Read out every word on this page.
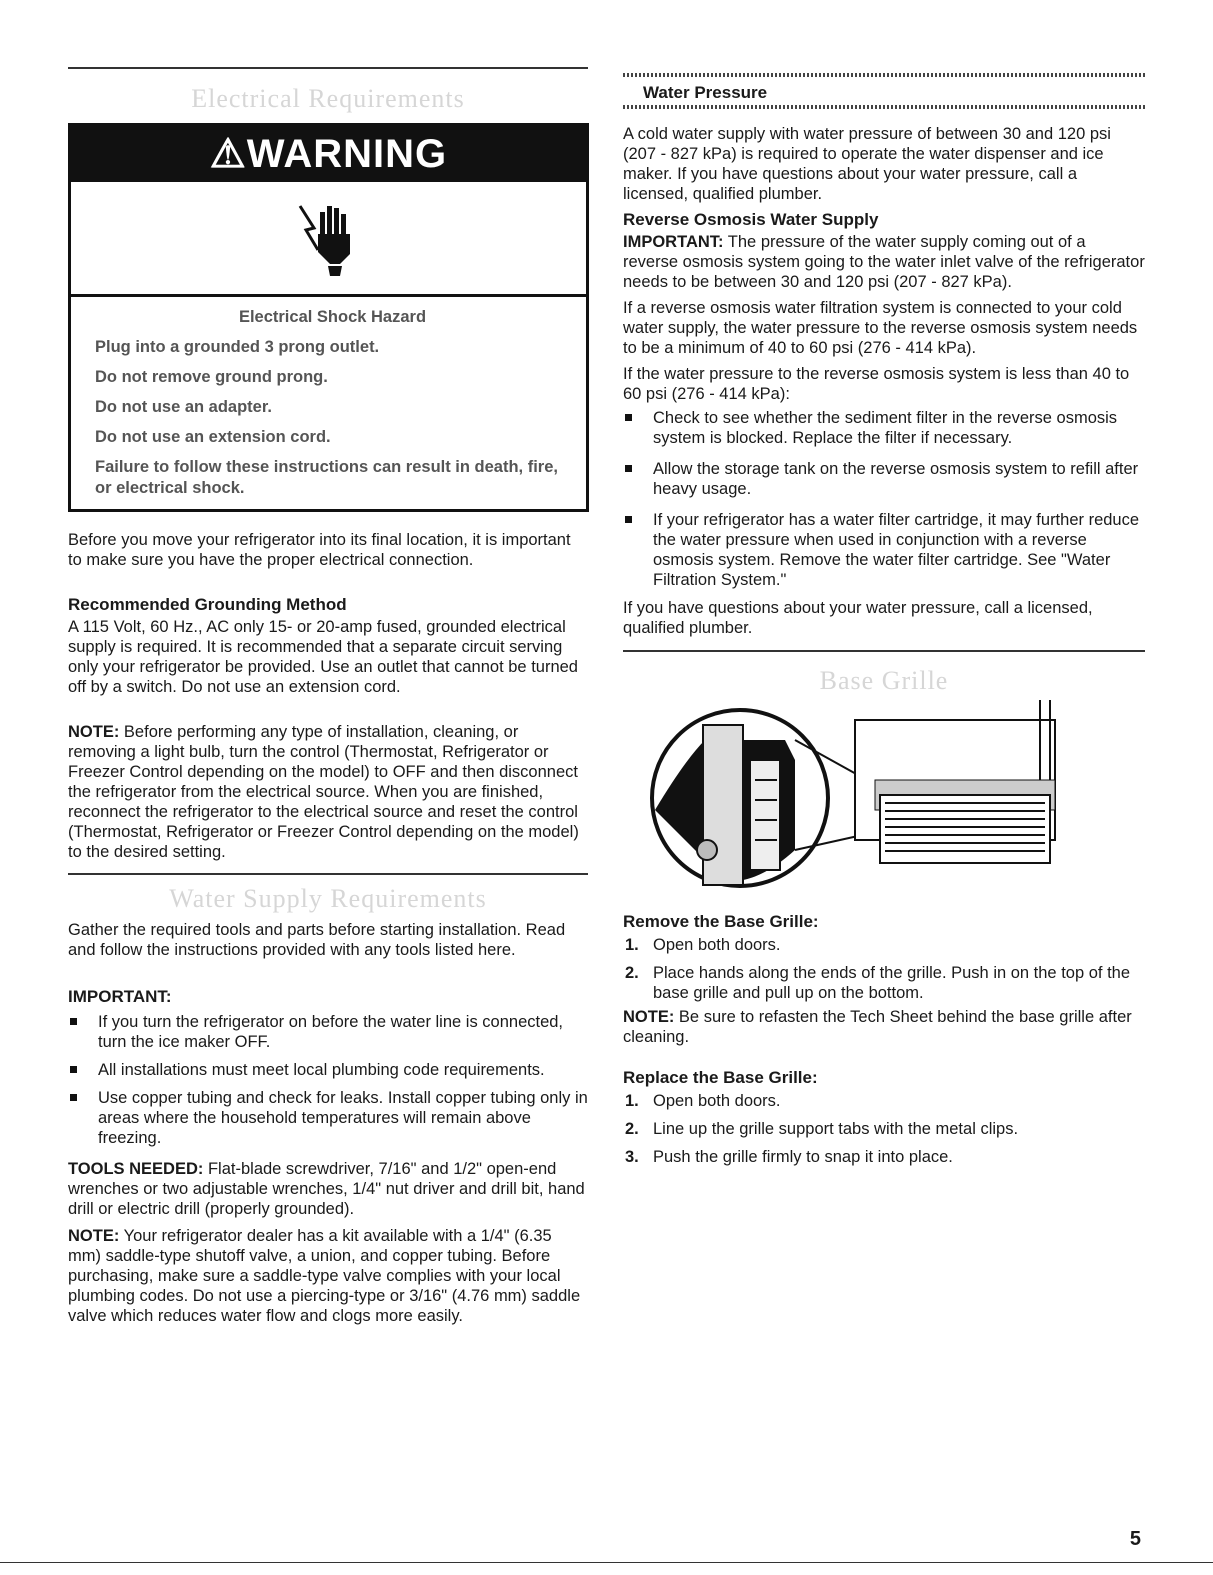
Electrical Requirements
⚠WARNING

Electrical Shock Hazard

Plug into a grounded 3 prong outlet.

Do not remove ground prong.

Do not use an adapter.

Do not use an extension cord.

Failure to follow these instructions can result in death, fire, or electrical shock.

Before you move your refrigerator into its final location, it is important to make sure you have the proper electrical connection.

Recommended Grounding Method

A 115 Volt, 60 Hz., AC only 15- or 20-amp fused, grounded electrical supply is required. It is recommended that a separate circuit serving only your refrigerator be provided. Use an outlet that cannot be turned off by a switch. Do not use an extension cord.

NOTE: Before performing any type of installation, cleaning, or removing a light bulb, turn the control (Thermostat, Refrigerator or Freezer Control depending on the model) to OFF and then disconnect the refrigerator from the electrical source. When you are finished, reconnect the refrigerator to the electrical source and reset the control (Thermostat, Refrigerator or Freezer Control depending on the model) to the desired setting.

Water Supply Requirements

Gather the required tools and parts before starting installation. Read and follow the instructions provided with any tools listed here.

IMPORTANT:

If you turn the refrigerator on before the water line is connected, turn the ice maker OFF.
All installations must meet local plumbing code requirements.
Use copper tubing and check for leaks. Install copper tubing only in areas where the household temperatures will remain above freezing.

TOOLS NEEDED: Flat-blade screwdriver, 7/16" and 1/2" open-end wrenches or two adjustable wrenches, 1/4" nut driver and drill bit, hand drill or electric drill (properly grounded).

NOTE: Your refrigerator dealer has a kit available with a 1/4" (6.35 mm) saddle-type shutoff valve, a union, and copper tubing. Before purchasing, make sure a saddle-type valve complies with your local plumbing codes. Do not use a piercing-type or 3/16" (4.76 mm) saddle valve which reduces water flow and clogs more easily.

Water Pressure

A cold water supply with water pressure of between 30 and 120 psi (207 - 827 kPa) is required to operate the water dispenser and ice maker. If you have questions about your water pressure, call a licensed, qualified plumber.

Reverse Osmosis Water Supply

IMPORTANT: The pressure of the water supply coming out of a reverse osmosis system going to the water inlet valve of the refrigerator needs to be between 30 and 120 psi (207 - 827 kPa).

If a reverse osmosis water filtration system is connected to your cold water supply, the water pressure to the reverse osmosis system needs to be a minimum of 40 to 60 psi (276 - 414 kPa).

If the water pressure to the reverse osmosis system is less than 40 to 60 psi (276 - 414 kPa):

Check to see whether the sediment filter in the reverse osmosis system is blocked. Replace the filter if necessary.
Allow the storage tank on the reverse osmosis system to refill after heavy usage.
If your refrigerator has a water filter cartridge, it may further reduce the water pressure when used in conjunction with a reverse osmosis system. Remove the water filter cartridge. See "Water Filtration System."

If you have questions about your water pressure, call a licensed, qualified plumber.

Base Grille

Remove the Base Grille:

1. Open both doors.
2. Place hands along the ends of the grille. Push in on the top of the base grille and pull up on the bottom.

NOTE: Be sure to refasten the Tech Sheet behind the base grille after cleaning.

Replace the Base Grille:

1. Open both doors.
2. Line up the grille support tabs with the metal clips.
3. Push the grille firmly to snap it into place.
5
